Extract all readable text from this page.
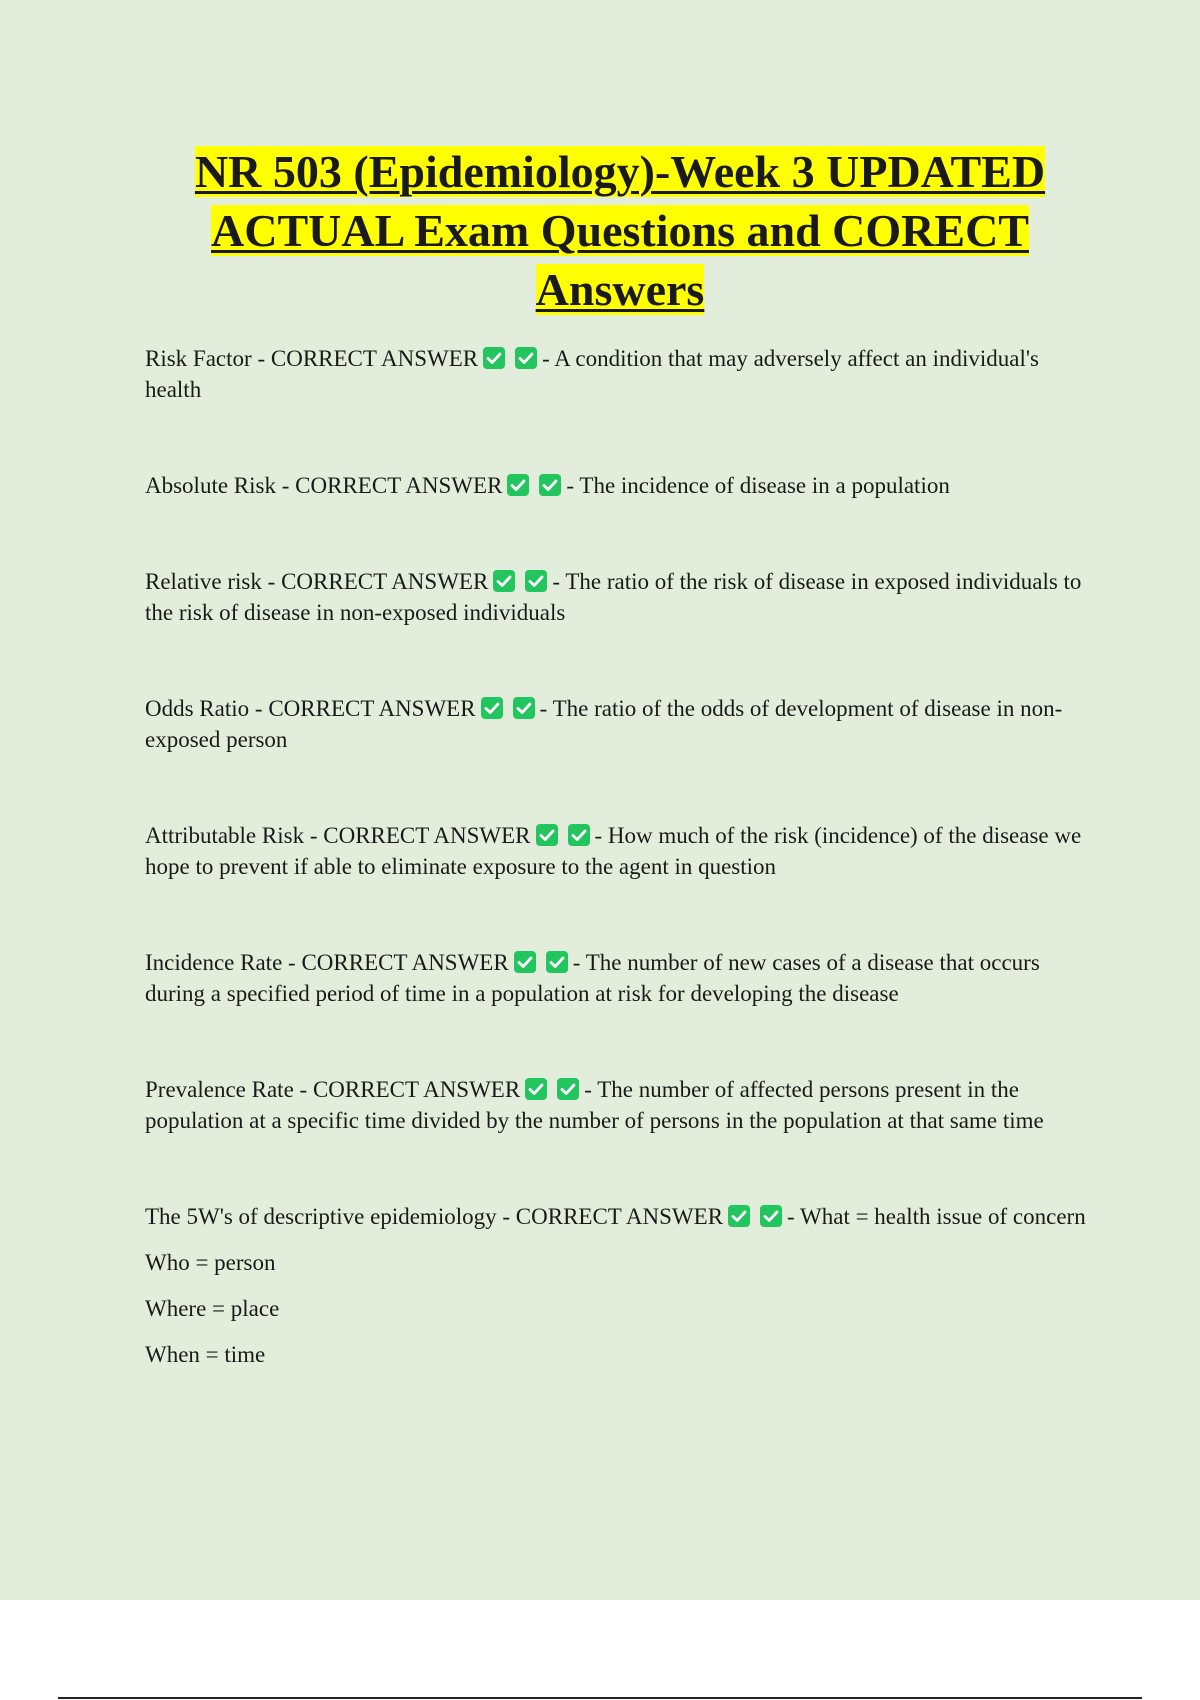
NR 503 (Epidemiology)-Week 3 UPDATED ACTUAL Exam Questions and CORECT Answers

Risk Factor - CORRECT ANSWER	- A condition that may adversely affect an individual's health

Absolute Risk - CORRECT ANSWER	- The incidence of disease in a population

Relative risk - CORRECT ANSWER	- The ratio of the risk of disease in exposed individuals to the risk of disease in non-exposed individuals

Odds Ratio - CORRECT ANSWER	- The ratio of the odds of development of disease in non-exposed person

Attributable Risk - CORRECT ANSWER	- How much of the risk (incidence) of the disease we hope to prevent if able to eliminate exposure to the agent in question

Incidence Rate - CORRECT ANSWER	- The number of new cases of a disease that occurs during a specified period of time in a population at risk for developing the disease

Prevalence Rate - CORRECT ANSWER	- The number of affected persons present in the population at a specific time divided by the number of persons in the population at that same time

The 5W's of descriptive epidemiology - CORRECT ANSWER	- What = health issue of concern

Who = person

Where = place

When = time
